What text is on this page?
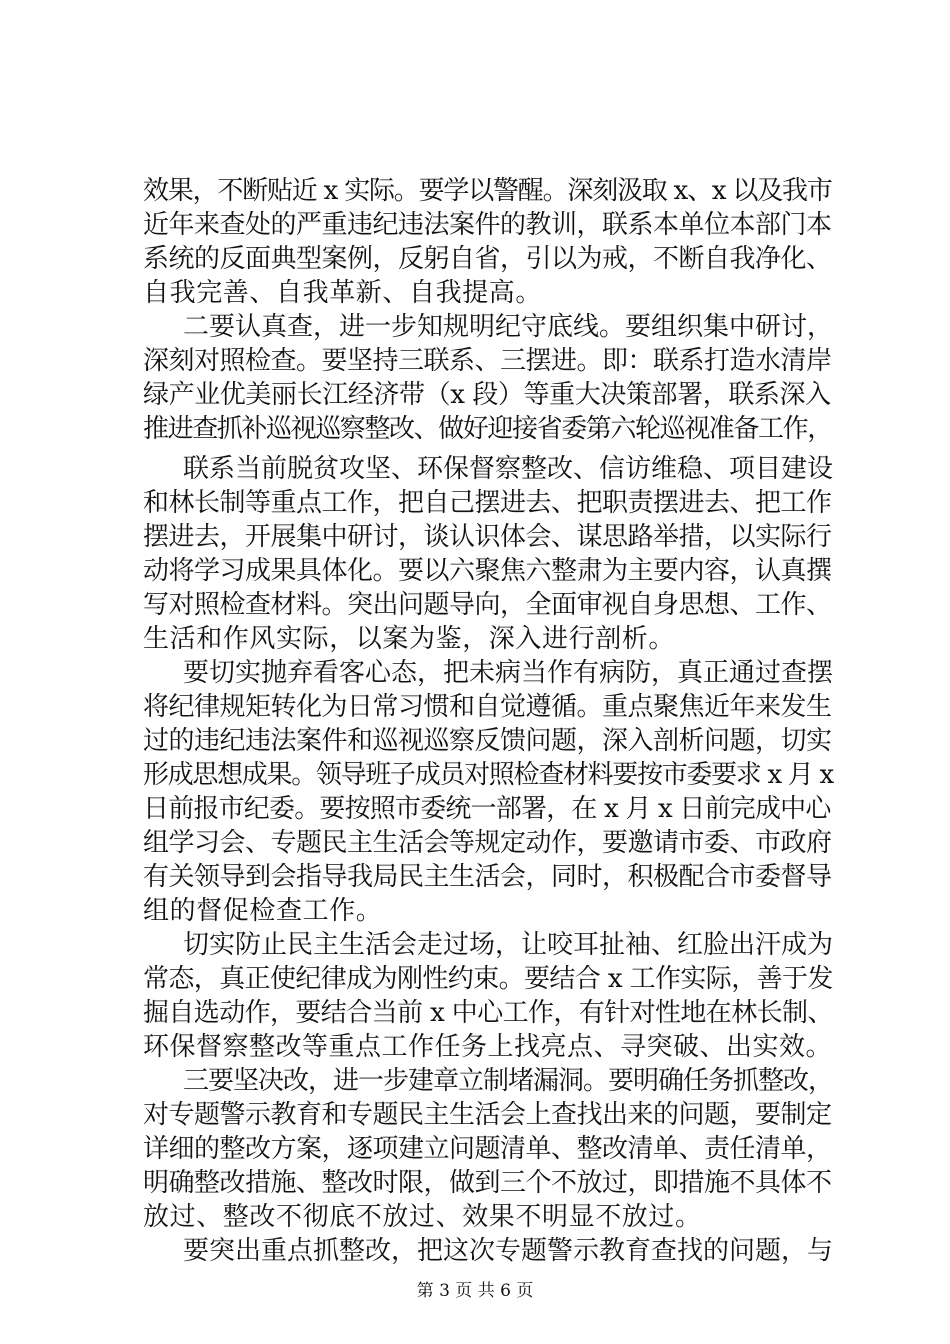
效果，不断贴近 x 实际。要学以警醒。深刻汲取 x、x 以及我市
近年来查处的严重违纪违法案件的教训，联系本单位本部门本
系统的反面典型案例，反躬自省，引以为戒，不断自我净化、
自我完善、自我革新、自我提高。
二要认真查，进一步知规明纪守底线。要组织集中研讨，
深刻对照检查。要坚持三联系、三摆进。即：联系打造水清岸
绿产业优美丽长江经济带（x 段）等重大决策部署，联系深入
推进查抓补巡视巡察整改、做好迎接省委第六轮巡视准备工作，
联系当前脱贫攻坚、环保督察整改、信访维稳、项目建设
和林长制等重点工作，把自己摆进去、把职责摆进去、把工作
摆进去，开展集中研讨，谈认识体会、谋思路举措，以实际行
动将学习成果具体化。要以六聚焦六整肃为主要内容，认真撰
写对照检查材料。突出问题导向，全面审视自身思想、工作、
生活和作风实际，以案为鉴，深入进行剖析。
要切实抛弃看客心态，把未病当作有病防，真正通过查摆
将纪律规矩转化为日常习惯和自觉遵循。重点聚焦近年来发生
过的违纪违法案件和巡视巡察反馈问题，深入剖析问题，切实
形成思想成果。领导班子成员对照检查材料要按市委要求 x 月 x
日前报市纪委。要按照市委统一部署，在 x 月 x 日前完成中心
组学习会、专题民主生活会等规定动作，要邀请市委、市政府
有关领导到会指导我局民主生活会，同时，积极配合市委督导
组的督促检查工作。
切实防止民主生活会走过场，让咬耳扯袖、红脸出汗成为
常态，真正使纪律成为刚性约束。要结合 x 工作实际，善于发
掘自选动作，要结合当前 x 中心工作，有针对性地在林长制、
环保督察整改等重点工作任务上找亮点、寻突破、出实效。
三要坚决改，进一步建章立制堵漏洞。要明确任务抓整改，
对专题警示教育和专题民主生活会上查找出来的问题，要制定
详细的整改方案，逐项建立问题清单、整改清单、责任清单，
明确整改措施、整改时限，做到三个不放过，即措施不具体不
放过、整改不彻底不放过、效果不明显不放过。
要突出重点抓整改，把这次专题警示教育查找的问题，与
第 3 页 共 6 页
